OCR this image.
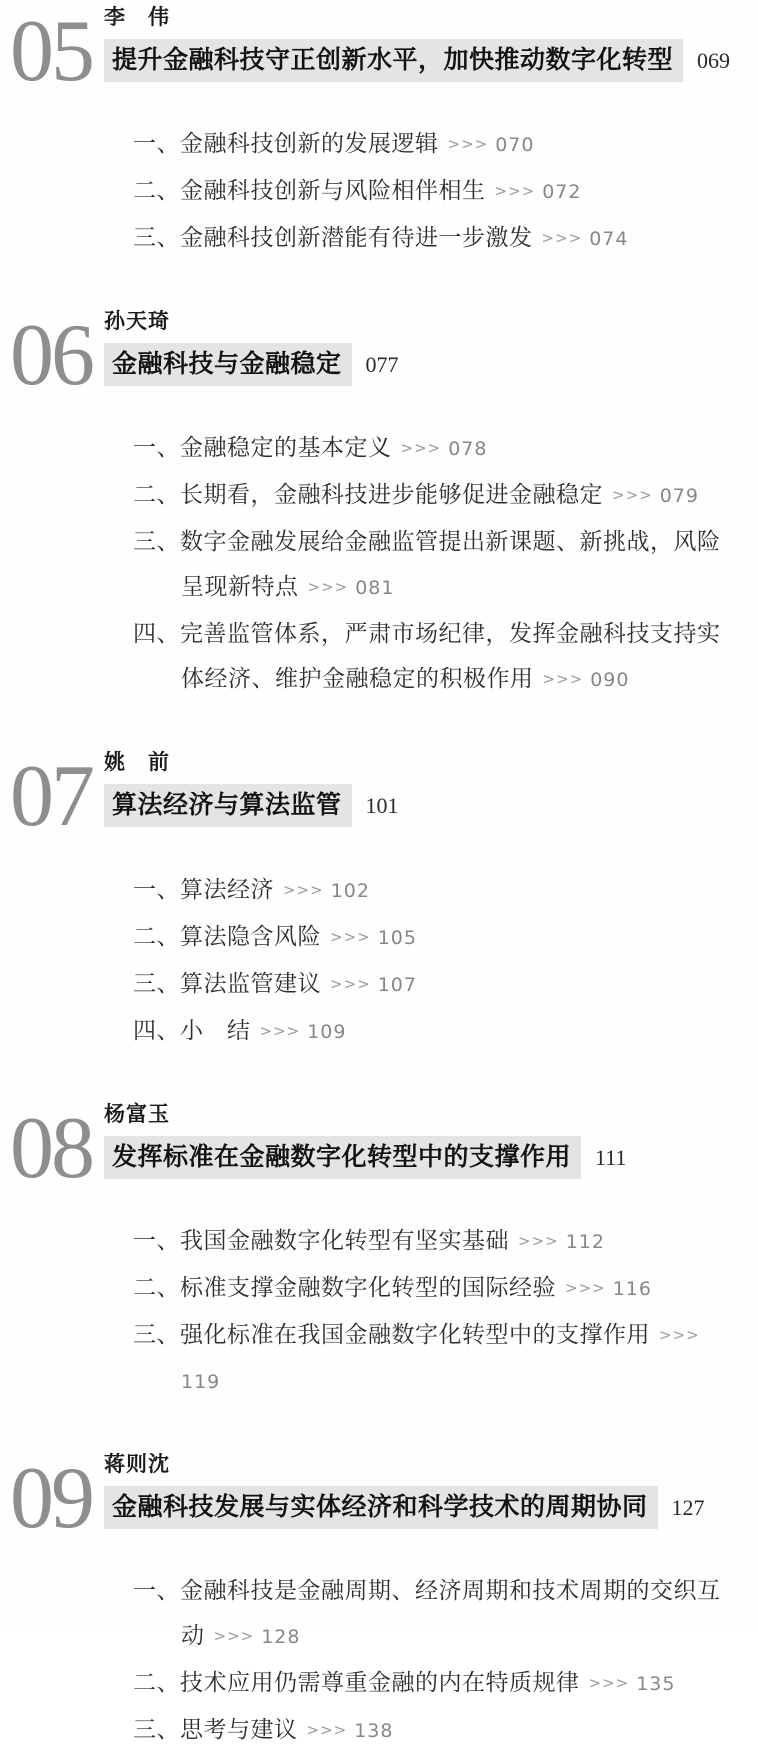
05 李　伟
提升金融科技守正创新水平，加快推动数字化转型 069
一、金融科技创新的发展逻辑 >>> 070
二、金融科技创新与风险相伴相生 >>> 072
三、金融科技创新潜能有待进一步激发 >>> 074
06 孙天琦
金融科技与金融稳定 077
一、金融稳定的基本定义 >>> 078
二、长期看，金融科技进步能够促进金融稳定 >>> 079
三、数字金融发展给金融监管提出新课题、新挑战，风险呈现新特点 >>> 081
四、完善监管体系，严肃市场纪律，发挥金融科技支持实体经济、维护金融稳定的积极作用 >>> 090
07 姚　前
算法经济与算法监管 101
一、算法经济 >>> 102
二、算法隐含风险 >>> 105
三、算法监管建议 >>> 107
四、小　结 >>> 109
08 杨富玉
发挥标准在金融数字化转型中的支撑作用 111
一、我国金融数字化转型有坚实基础 >>> 112
二、标准支撑金融数字化转型的国际经验 >>> 116
三、强化标准在我国金融数字化转型中的支撑作用 >>>119
09 蒋则沈
金融科技发展与实体经济和科学技术的周期协同 127
一、金融科技是金融周期、经济周期和技术周期的交织互动 >>> 128
二、技术应用仍需尊重金融的内在特质规律 >>> 135
三、思考与建议 >>> 138
